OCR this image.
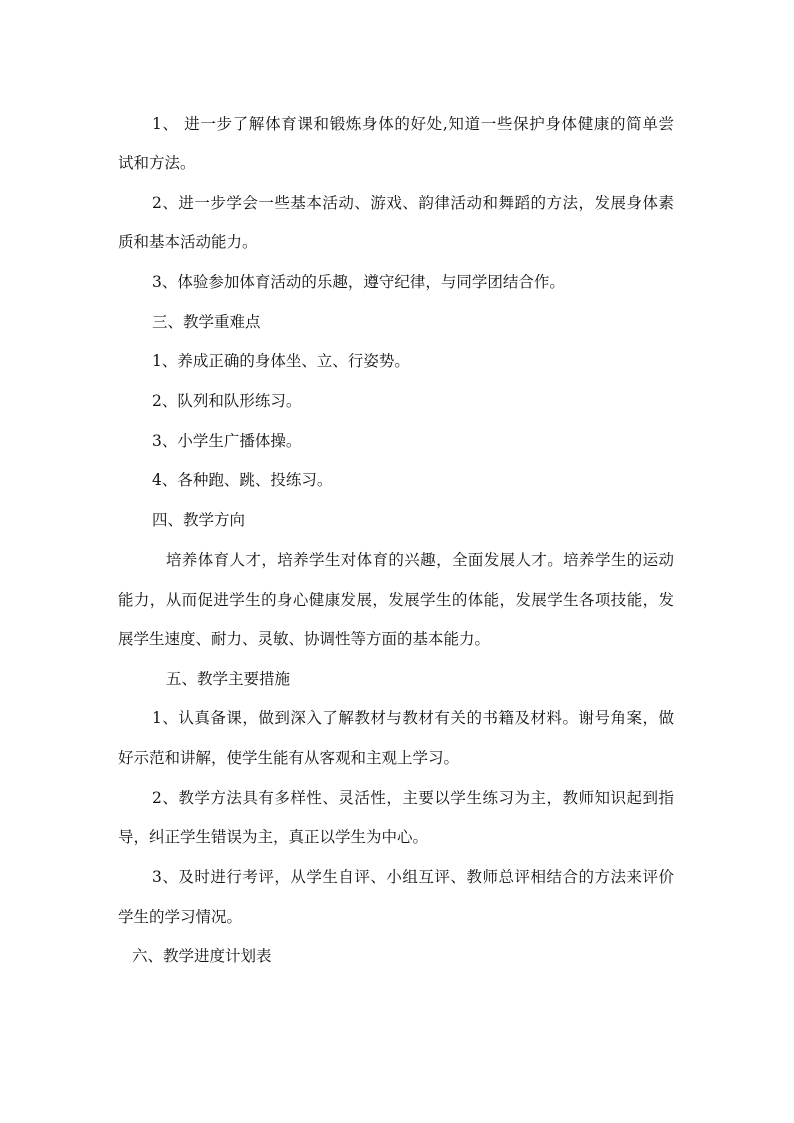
1、 进一步了解体育课和锻炼身体的好处,知道一些保护身体健康的简单尝

试和方法。

2、进一步学会一些基本活动、游戏、韵律活动和舞蹈的方法，发展身体素

质和基本活动能力。

3、体验参加体育活动的乐趣，遵守纪律，与同学团结合作。

三、教学重难点

1、养成正确的身体坐、立、行姿势。

2、队列和队形练习。

3、小学生广播体操。

4、各种跑、跳、投练习。

四、教学方向

培养体育人才，培养学生对体育的兴趣，全面发展人才。培养学生的运动

能力，从而促进学生的身心健康发展，发展学生的体能，发展学生各项技能，发

展学生速度、耐力、灵敏、协调性等方面的基本能力。

五、教学主要措施

1、认真备课，做到深入了解教材与教材有关的书籍及材料。谢号角案，做

好示范和讲解，使学生能有从客观和主观上学习。

2、教学方法具有多样性、灵活性，主要以学生练习为主，教师知识起到指

导，纠正学生错误为主，真正以学生为中心。

3、及时进行考评，从学生自评、小组互评、教师总评相结合的方法来评价

学生的学习情况。

六、教学进度计划表
